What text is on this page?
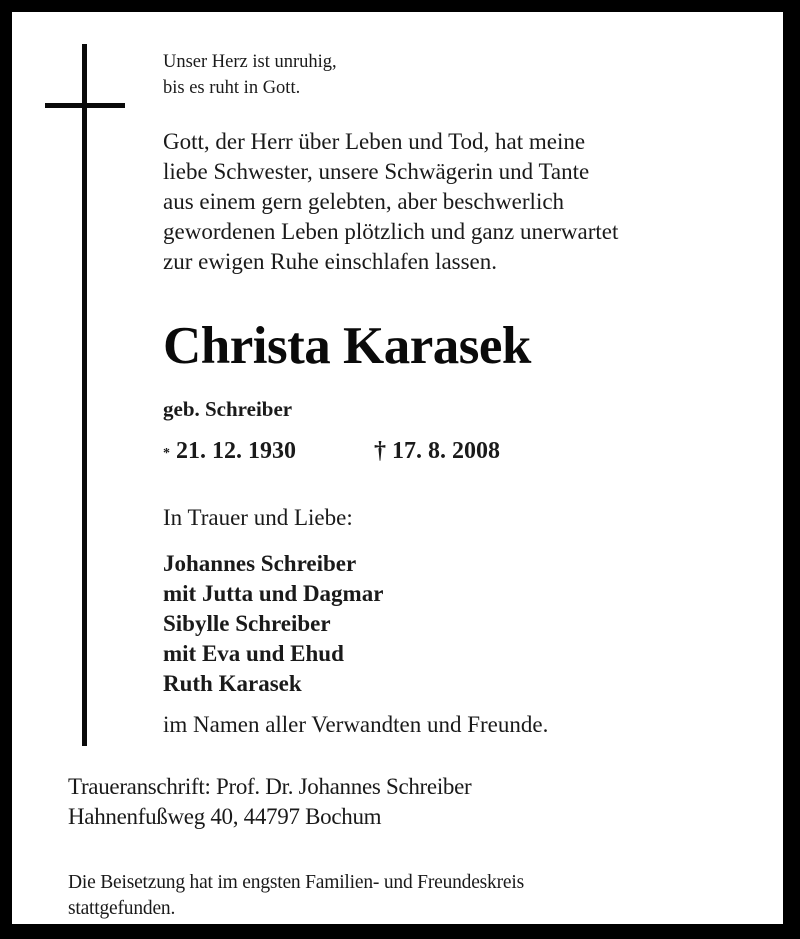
Unser Herz ist unruhig,
bis es ruht in Gott.
Gott, der Herr über Leben und Tod, hat meine
liebe Schwester, unsere Schwägerin und Tante
aus einem gern gelebten, aber beschwerlich
gewordenen Leben plötzlich und ganz unerwartet
zur ewigen Ruhe einschlafen lassen.
Christa Karasek
geb. Schreiber
* 21. 12. 1930	† 17. 8. 2008
In Trauer und Liebe:
Johannes Schreiber
mit Jutta und Dagmar
Sibylle Schreiber
mit Eva und Ehud
Ruth Karasek
im Namen aller Verwandten und Freunde.
Traueranschrift: Prof. Dr. Johannes Schreiber
Hahnenfußweg 40, 44797 Bochum
Die Beisetzung hat im engsten Familien- und Freundeskreis
stattgefunden.
